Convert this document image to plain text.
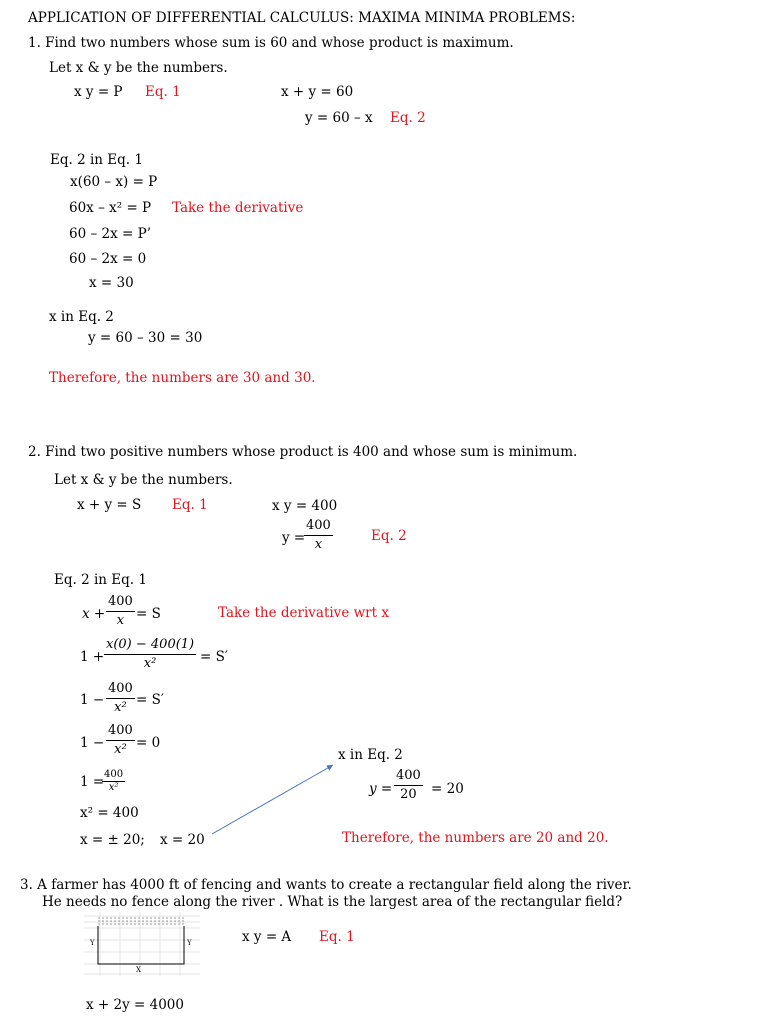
APPLICATION OF DIFFERENTIAL CALCULUS: MAXIMA MINIMA PROBLEMS:
1. Find two numbers whose sum is 60 and whose product is maximum.
Let x & y be the numbers.
x y = P Eq. 1	x + y = 60
y = 60 – x Eq. 2
Eq. 2 in Eq. 1
x(60 – x) = P
60x – x² = P Take the derivative
60 – 2x = P’
60 – 2x = 0
x = 30
x in Eq. 2
y = 60 – 30 = 30
Therefore, the numbers are 30 and 30.
2. Find two positive numbers whose product is 400 and whose sum is minimum.
Let x & y be the numbers.
x + y = S Eq. 1	x y = 400
y =
400
x
Eq. 2
Eq. 2 in Eq. 1
x +
400
x = S	Take the derivative wrt x
1 +
x(0) − 400(1)
x²	= S′
1 −
400
x² = S′
1 −
400
x² = 0
1 = 400
x²
x² = 400
x = ± 20; x = 20
x in Eq. 2
y =
400
20 = 20
Therefore, the numbers are 20 and 20.
3. A farmer has 4000 ft of fencing and wants to create a rectangular field along the river.
He needs no fence along the river . What is the largest area of the rectangular field?
Y	Y
X
x y = A Eq. 1
x + 2y = 4000
